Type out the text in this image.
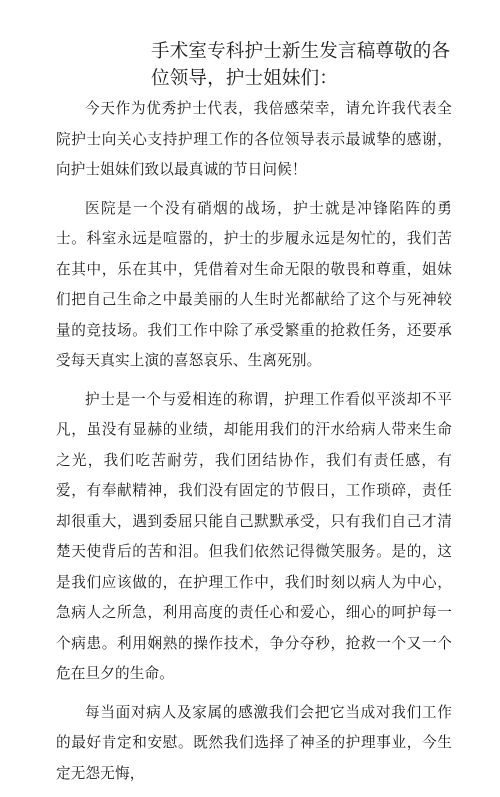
手术室专科护士新生发言稿尊敬的各位领导，护士姐妹们：

今天作为优秀护士代表，我倍感荣幸，请允许我代表全院护士向关心支持护理工作的各位领导表示最诚挚的感谢，向护士姐妹们致以最真诚的节日问候！

医院是一个没有硝烟的战场，护士就是冲锋陷阵的勇士。科室永远是喧嚣的，护士的步履永远是匆忙的，我们苦在其中，乐在其中，凭借着对生命无限的敬畏和尊重，姐妹们把自己生命之中最美丽的人生时光都献给了这个与死神较量的竞技场。我们工作中除了承受繁重的抢救任务，还要承受每天真实上演的喜怒哀乐、生离死别。

护士是一个与爱相连的称谓，护理工作看似平淡却不平凡，虽没有显赫的业绩，却能用我们的汗水给病人带来生命之光，我们吃苦耐劳，我们团结协作，我们有责任感，有爱，有奉献精神，我们没有固定的节假日，工作琐碎，责任却很重大，遇到委屈只能自己默默承受，只有我们自己才清楚天使背后的苦和泪。但我们依然记得微笑服务。是的，这是我们应该做的，在护理工作中，我们时刻以病人为中心，急病人之所急，利用高度的责任心和爱心，细心的呵护每一个病患。利用娴熟的操作技术，争分夺秒，抢救一个又一个危在旦夕的生命。

每当面对病人及家属的感激我们会把它当成对我们工作的最好肯定和安慰。既然我们选择了神圣的护理事业，今生定无怨无悔，
